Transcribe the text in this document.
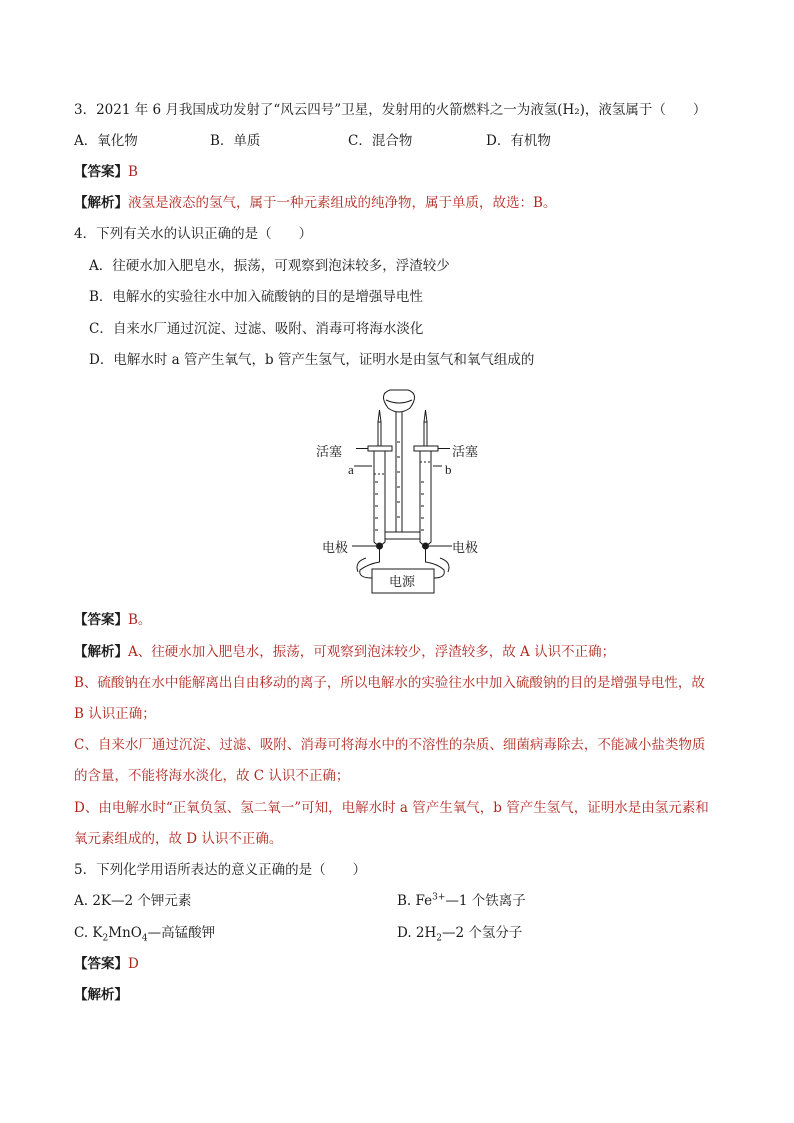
3．2021 年 6 月我国成功发射了“风云四号”卫星，发射用的火箭燃料之一为液氢(H₂)，液氢属于（　　）
A．氧化物	B．单质	C．混合物	D．有机物
【答案】B
【解析】液氢是液态的氢气，属于一种元素组成的纯净物，属于单质，故选：B。
4．下列有关水的认识正确的是（　　）
A．往硬水加入肥皂水，振荡，可观察到泡沫较多，浮渣较少
B．电解水的实验往水中加入硫酸钠的目的是增强导电性
C．自来水厂通过沉淀、过滤、吸附、消毒可将海水淡化
D．电解水时 a 管产生氧气，b 管产生氢气，证明水是由氢气和氧气组成的
活塞	活塞
a	b
电极	电极
电源
【答案】B。
【解析】A、往硬水加入肥皂水，振荡，可观察到泡沫较少，浮渣较多，故 A 认识不正确；
B、硫酸钠在水中能解离出自由移动的离子，所以电解水的实验往水中加入硫酸钠的目的是增强导电性，故
B 认识正确；
C、自来水厂通过沉淀、过滤、吸附、消毒可将海水中的不溶性的杂质、细菌病毒除去，不能减小盐类物质
的含量，不能将海水淡化，故 C 认识不正确；
D、由电解水时“正氧负氢、氢二氧一”可知，电解水时 a 管产生氧气，b 管产生氢气，证明水是由氢元素和
氧元素组成的，故 D 认识不正确。
5．下列化学用语所表达的意义正确的是（　　）
A. 2K—2 个钾元素	B. $Fe^{3+}—1$ 个铁离子
C. $K_2MnO_4—$高锰酸钾	D. $2H_2—2$ 个氢分子
【答案】D
【解析】
